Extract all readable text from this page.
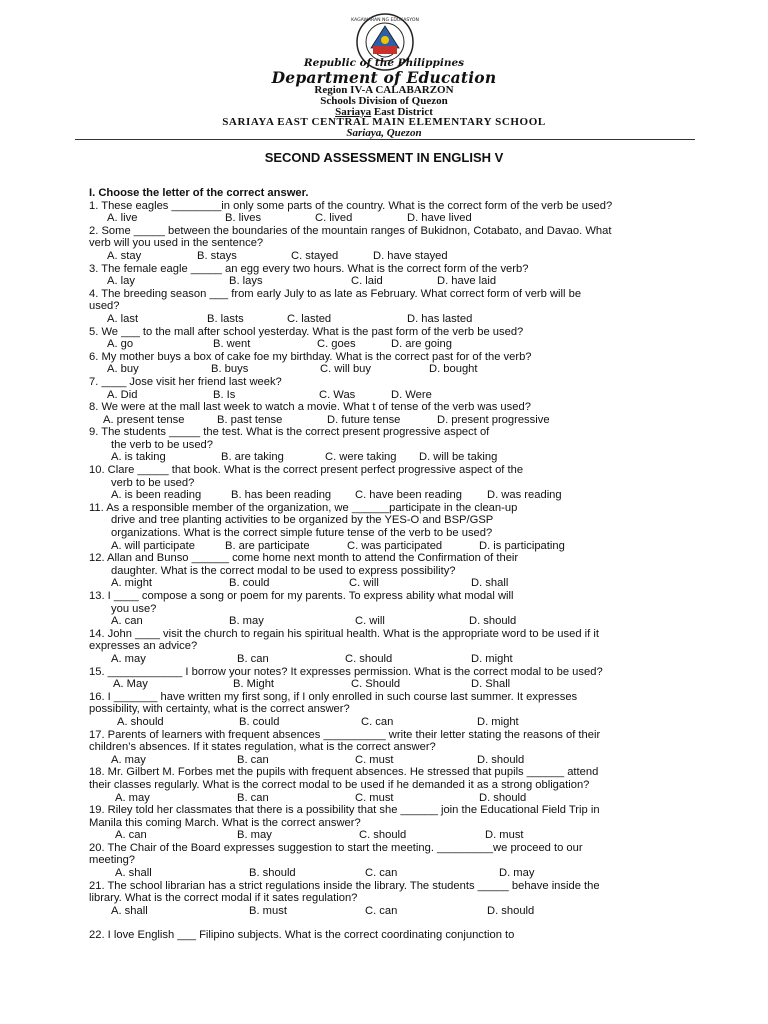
KAGAWARAN NG EDUKASYON
Republic of the Philippines
Department of Education
Region IV-A CALABARZON
Schools Division of Quezon
Sariaya East District
SARIAYA EAST CENTRAL MAIN ELEMENTARY SCHOOL
Sariaya, Quezon
SECOND ASSESSMENT IN ENGLISH V
I. Choose the letter of the correct answer.
1. These eagles ________in only some parts of the country. What is the correct form of the verb be used?
A. live	B. lives	C. lived	D. have lived
2. Some _____ between the boundaries of the mountain ranges of Bukidnon, Cotabato, and Davao. What
verb will you used in the sentence?
A. stay	B. stays	C. stayed	D. have stayed
3. The female eagle _____ an egg every two hours. What is the correct form of the verb?
A. lay	B. lays	C. laid	D. have laid
4. The breeding season ___ from early July to as late as February. What correct form of verb will be
used?
A. last	B. lasts	C. lasted	D. has lasted
5. We ___ to the mall after school yesterday. What is the past form of the verb be used?
A. go	B. went	C. goes	D. are going
6. My mother buys a box of cake foe my birthday. What is the correct past for of the verb?
A. buy	B. buys	C. will buy	D. bought
7. ____ Jose visit her friend last week?
A. Did	B. Is	C. Was	D. Were
8. We were at the mall last week to watch a movie. What t of tense of the verb was used?
A. present tense	B. past tense	D. future tense	D. present progressive
9. The students _____ the test. What is the correct present progressive aspect of
the verb to be used?
A. is taking	B. are taking	C. were taking D. will be taking
10. Clare _____ that book. What is the correct present perfect progressive aspect of the
verb to be used?
A. is been reading	B. has been reading C. have been reading D. was reading
11. As a responsible member of the organization, we ______participate in the clean-up
drive and tree planting activities to be organized by the YES-O and BSP/GSP
organizations. What is the correct simple future tense of the verb to be used?
A. will participate	B. are participate	C. was participated	D. is participating
12. Allan and Bunso ______ come home next month to attend the Confirmation of their
daughter. What is the correct modal to be used to express possibility?
A. might	B. could	C. will	D. shall
13. I ____ compose a song or poem for my parents. To express ability what modal will
you use?
A. can	B. may	C. will	D. should
14. John ____ visit the church to regain his spiritual health. What is the appropriate word to be used if it
expresses an advice?
A. may	B. can	C. should	D. might
15. ____________ I borrow your notes? It expresses permission. What is the correct modal to be used?
A. May	B. Might	C. Should	D. Shall
16. I _______ have written my first song, if I only enrolled in such course last summer. It expresses
possibility, with certainty, what is the correct answer?
A. should	B. could	C. can	D. might
17. Parents of learners with frequent absences __________ write their letter stating the reasons of their
children’s absences. If it states regulation, what is the correct answer?
A. may	B. can	C. must	D. should
18. Mr. Gilbert M. Forbes met the pupils with frequent absences. He stressed that pupils ______ attend
their classes regularly. What is the correct modal to be used if he demanded it as a strong obligation?
A. may	B. can	C. must	D. should
19. Riley told her classmates that there is a possibility that she ______ join the Educational Field Trip in
Manila this coming March. What is the correct answer?
A. can	B. may	C. should	D. must
20. The Chair of the Board expresses suggestion to start the meeting. _________we proceed to our
meeting?
A. shall	B. should	C. can	D. may
21. The school librarian has a strict regulations inside the library. The students _____ behave inside the
library. What is the correct modal if it sates regulation?
A. shall	B. must	C. can	D. should
22. I love English ___ Filipino subjects. What is the correct coordinating conjunction to
